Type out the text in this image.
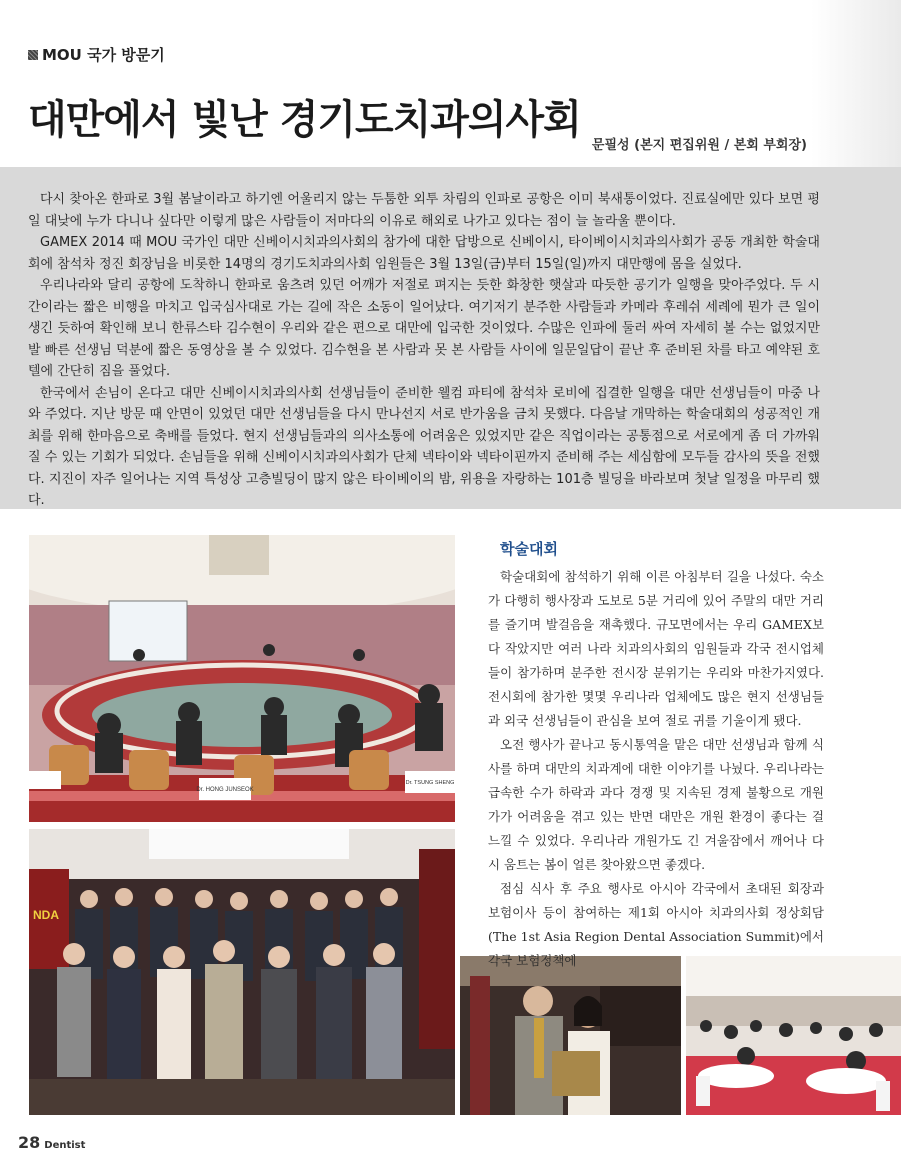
MOU 국가 방문기
대만에서 빛난 경기도치과의사회
문필성 (본지 편집위원 / 본회 부회장)

다시 찾아온 한파로 3월 봄날이라고 하기엔 어울리지 않는 두툼한 외투 차림의 인파로 공항은 이미 북새통이었다. 진료실에만 있다 보면 평일 대낮에 누가 다니나 싶다만 이렇게 많은 사람들이 저마다의 이유로 해외로 나가고 있다는 점이 늘 놀라울 뿐이다.

GAMEX 2014 때 MOU 국가인 대만 신베이시치과의사회의 참가에 대한 답방으로 신베이시, 타이베이시치과의사회가 공동 개최한 학술대회에 참석차 정진 회장님을 비롯한 14명의 경기도치과의사회 임원들은 3월 13일(금)부터 15일(일)까지 대만행에 몸을 실었다.

우리나라와 달리 공항에 도착하니 한파로 움츠려 있던 어깨가 저절로 펴지는 듯한 화창한 햇살과 따듯한 공기가 일행을 맞아주었다. 두 시간이라는 짧은 비행을 마치고 입국심사대로 가는 길에 작은 소동이 일어났다. 여기저기 분주한 사람들과 카메라 후레쉬 세례에 뭔가 큰 일이 생긴 듯하여 확인해 보니 한류스타 김수현이 우리와 같은 편으로 대만에 입국한 것이었다. 수많은 인파에 둘러 싸여 자세히 볼 수는 없었지만 발 빠른 선생님 덕분에 짧은 동영상을 볼 수 있었다. 김수현을 본 사람과 못 본 사람들 사이에 일문일답이 끝난 후 준비된 차를 타고 예약된 호텔에 간단히 짐을 풀었다.

한국에서 손님이 온다고 대만 신베이시치과의사회 선생님들이 준비한 웰컴 파티에 참석차 로비에 집결한 일행을 대만 선생님들이 마중 나와 주었다. 지난 방문 때 안면이 있었던 대만 선생님들을 다시 만나선지 서로 반가움을 금치 못했다. 다음날 개막하는 학술대회의 성공적인 개최를 위해 한마음으로 축배를 들었다. 현지 선생님들과의 의사소통에 어려움은 있었지만 같은 직업이라는 공통점으로 서로에게 좀 더 가까워 질 수 있는 기회가 되었다. 손님들을 위해 신베이시치과의사회가 단체 넥타이와 넥타이핀까지 준비해 주는 세심함에 모두들 감사의 뜻을 전했다. 지진이 자주 일어나는 지역 특성상 고층빌딩이 많지 않은 타이베이의 밤, 위용을 자랑하는 101층 빌딩을 바라보며 첫날 일정을 마무리 했다.

Dr. HONG JUNSEOK
Dr. TSUNG SHENG
NDA
학술대회

학술대회에 참석하기 위해 이른 아침부터 길을 나섰다. 숙소가 다행히 행사장과 도보로 5분 거리에 있어 주말의 대만 거리를 즐기며 발걸음을 재촉했다. 규모면에서는 우리 GAMEX보다 작았지만 여러 나라 치과의사회의 임원들과 각국 전시업체들이 참가하며 분주한 전시장 분위기는 우리와 마찬가지였다. 전시회에 참가한 몇몇 우리나라 업체에도 많은 현지 선생님들과 외국 선생님들이 관심을 보여 절로 귀를 기울이게 됐다.

오전 행사가 끝나고 동시통역을 맡은 대만 선생님과 함께 식사를 하며 대만의 치과계에 대한 이야기를 나눴다. 우리나라는 급속한 수가 하락과 과다 경쟁 및 지속된 경제 불황으로 개원가가 어려움을 겪고 있는 반면 대만은 개원 환경이 좋다는 걸 느낄 수 있었다. 우리나라 개원가도 긴 겨울잠에서 깨어나 다시 움트는 봄이 얼른 찾아왔으면 좋겠다.

점심 식사 후 주요 행사로 아시아 각국에서 초대된 회장과 보험이사 등이 참여하는 제1회 아시아 치과의사회 정상회담(The 1st Asia Region Dental Association Summit)에서 각국 보험정책에

28 Dentist
